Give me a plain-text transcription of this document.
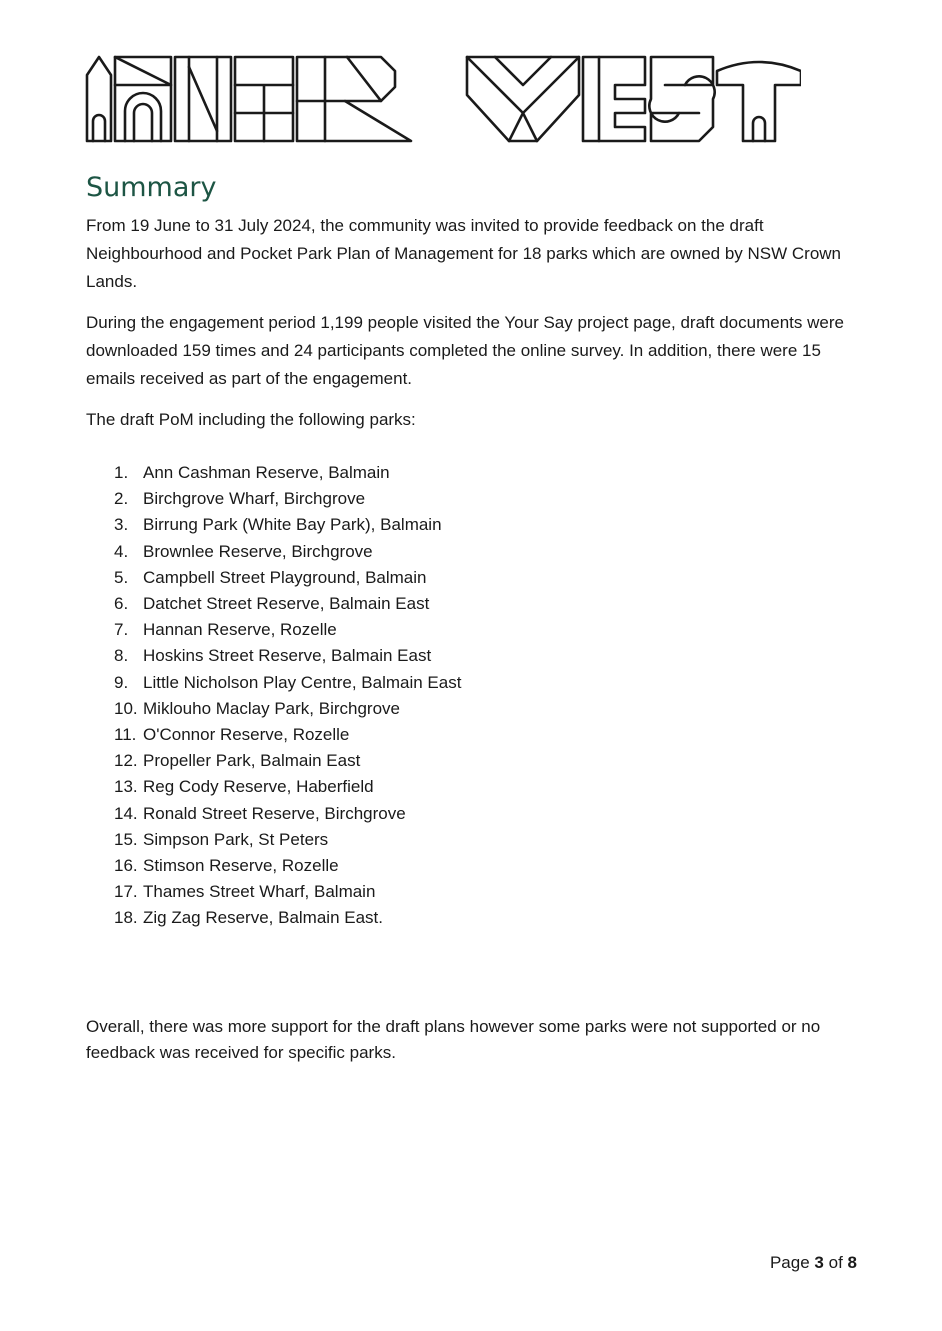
Summary

From 19 June to 31 July 2024, the community was invited to provide feedback on the draft Neighbourhood and Pocket Park Plan of Management for 18 parks which are owned by NSW Crown Lands.

During the engagement period 1,199 people visited the Your Say project page, draft documents were downloaded 159 times and 24 participants completed the online survey. In addition, there were 15 emails received as part of the engagement.

The draft PoM including the following parks:

1. Ann Cashman Reserve, Balmain
2. Birchgrove Wharf, Birchgrove
3. Birrung Park (White Bay Park), Balmain
4. Brownlee Reserve, Birchgrove
5. Campbell Street Playground, Balmain
6. Datchet Street Reserve, Balmain East
7. Hannan Reserve, Rozelle
8. Hoskins Street Reserve, Balmain East
9. Little Nicholson Play Centre, Balmain East
10. Miklouho Maclay Park, Birchgrove
11. O'Connor Reserve, Rozelle
12. Propeller Park, Balmain East
13. Reg Cody Reserve, Haberfield
14. Ronald Street Reserve, Birchgrove
15. Simpson Park, St Peters
16. Stimson Reserve, Rozelle
17. Thames Street Wharf, Balmain
18. Zig Zag Reserve, Balmain East.

Overall, there was more support for the draft plans however some parks were not supported or no feedback was received for specific parks.

Page 3 of 8
